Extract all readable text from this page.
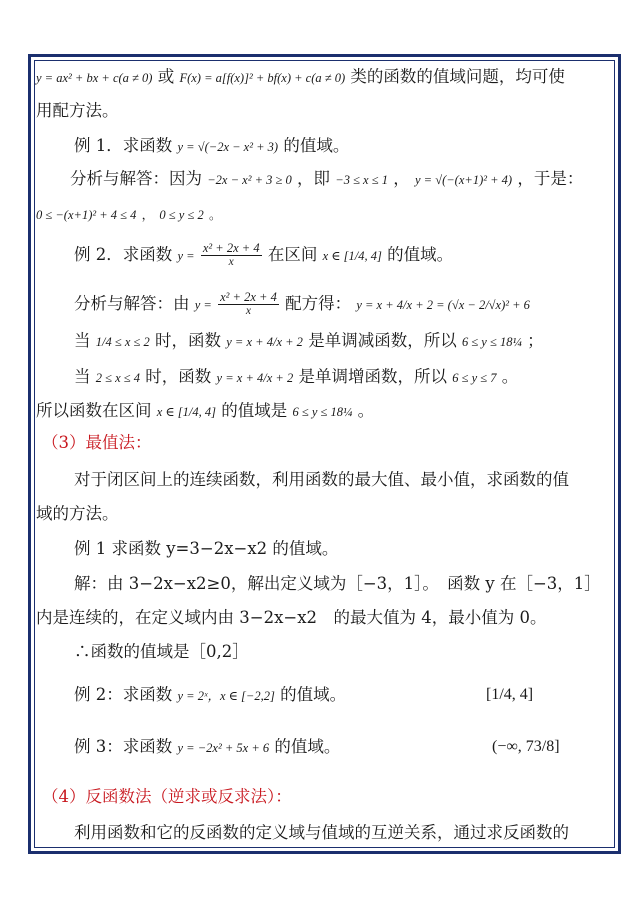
y = ax² + bx + c(a ≠ 0) 或 F(x) = a[f(x)]² + bf(x) + c(a ≠ 0) 类的函数的值域问题，均可使
用配方法。
例 1．求函数 y = √(−2x − x² + 3) 的值域。
分析与解答：因为 −2x − x² + 3 ≥ 0 ，即 −3 ≤ x ≤ 1 ， y = √(−(x+1)² + 4) ，于是：
0 ≤ −(x+1)² + 4 ≤ 4 ， 0 ≤ y ≤ 2 。
例 2．求函数 $y = \frac{\text{x² + 2x + 4}}{x}$ 在区间 x ∈ [1/4, 4] 的值域。
分析与解答：由 $y = \frac{\text{x² + 2x + 4}}{x}$ 配方得： y = x + 4/x + 2 = (√x − 2/√x)² + 6
当 1/4 ≤ x ≤ 2 时，函数 y = x + 4/x + 2 是单调减函数，所以 6 ≤ y ≤ 18¼ ；
当 2 ≤ x ≤ 4 时，函数 y = x + 4/x + 2 是单调增函数，所以 6 ≤ y ≤ 7 。
所以函数在区间 x ∈ [1/4, 4] 的值域是 6 ≤ y ≤ 18¼ 。
（3）最值法：
对于闭区间上的连续函数，利用函数的最大值、最小值，求函数的值
域的方法。
例 1 求函数 y=3−2x−x2 的值域。
解：由 3−2x−x2≥0，解出定义域为［−3，1］。　函数 y 在［−3，1］
内是连续的，在定义域内由 3−2x−x2　的最大值为 4，最小值为 0。
∴函数的值域是［0,2］
例 2：求函数 y = 2ˣ，x ∈ [−2,2] 的值域。	[1/4, 4]
例 3：求函数 y = −2x² + 5x + 6 的值域。	(−∞, 73/8]
（4）反函数法（逆求或反求法）：
利用函数和它的反函数的定义域与值域的互逆关系，通过求反函数的
